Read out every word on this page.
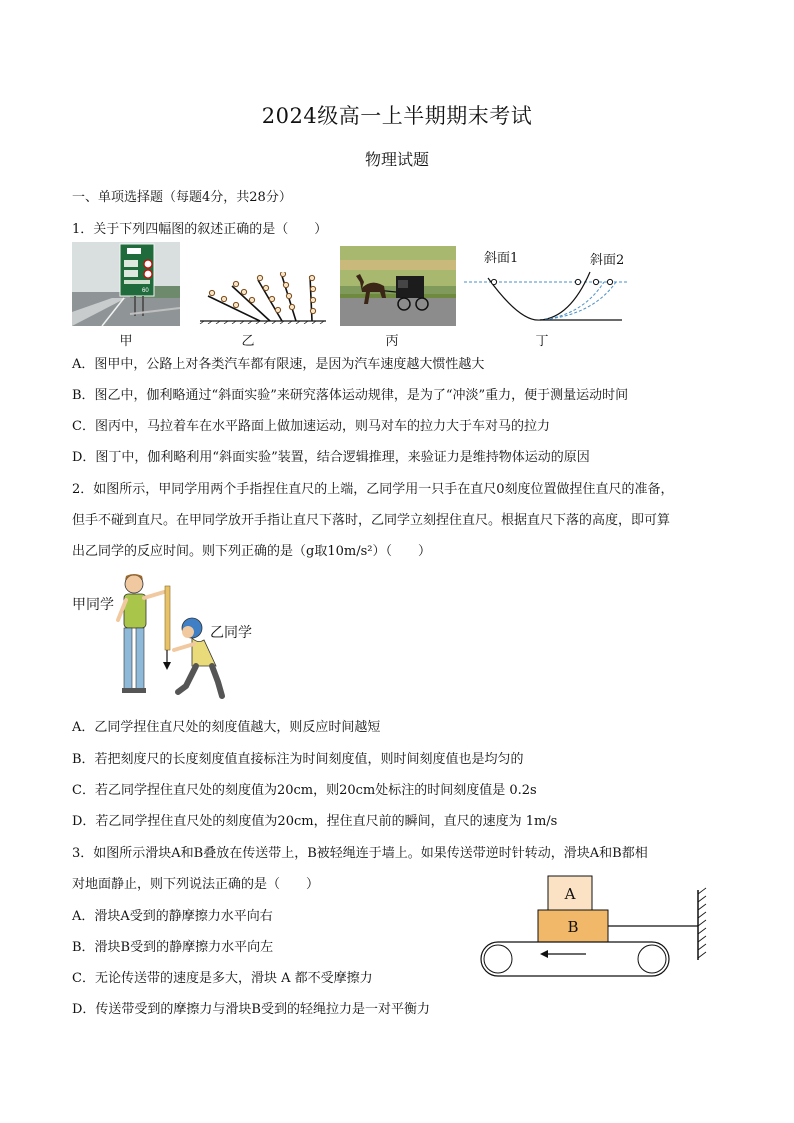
2024级高一上半期期末考试
物理试题
一、单项选择题（每题4分，共28分）
1．关于下列四幅图的叙述正确的是（　　）
60
甲	乙	丙
斜面1	斜面2
丁
A．图甲中，公路上对各类汽车都有限速，是因为汽车速度越大惯性越大
B．图乙中，伽利略通过“斜面实验”来研究落体运动规律，是为了“冲淡”重力，便于测量运动时间
C．图丙中，马拉着车在水平路面上做加速运动，则马对车的拉力大于车对马的拉力
D．图丁中，伽利略利用“斜面实验”装置，结合逻辑推理，来验证力是维持物体运动的原因
2．如图所示，甲同学用两个手指捏住直尺的上端，乙同学用一只手在直尺0刻度位置做捏住直尺的准备，
但手不碰到直尺。在甲同学放开手指让直尺下落时，乙同学立刻捏住直尺。根据直尺下落的高度，即可算
出乙同学的反应时间。则下列正确的是（g取10m/s²）（　　）
甲同学
乙同学
A．乙同学捏住直尺处的刻度值越大，则反应时间越短
B．若把刻度尺的长度刻度值直接标注为时间刻度值，则时间刻度值也是均匀的
C．若乙同学捏住直尺处的刻度值为20cm，则20cm处标注的时间刻度值是 0.2s
D．若乙同学捏住直尺处的刻度值为20cm，捏住直尺前的瞬间，直尺的速度为 1m/s
3．如图所示滑块A和B叠放在传送带上，B被轻绳连于墙上。如果传送带逆时针转动，滑块A和B都相
对地面静止，则下列说法正确的是（　　）
A．滑块A受到的静摩擦力水平向右
B．滑块B受到的静摩擦力水平向左
C．无论传送带的速度是多大，滑块 A 都不受摩擦力
D．传送带受到的摩擦力与滑块B受到的轻绳拉力是一对平衡力
A
B
